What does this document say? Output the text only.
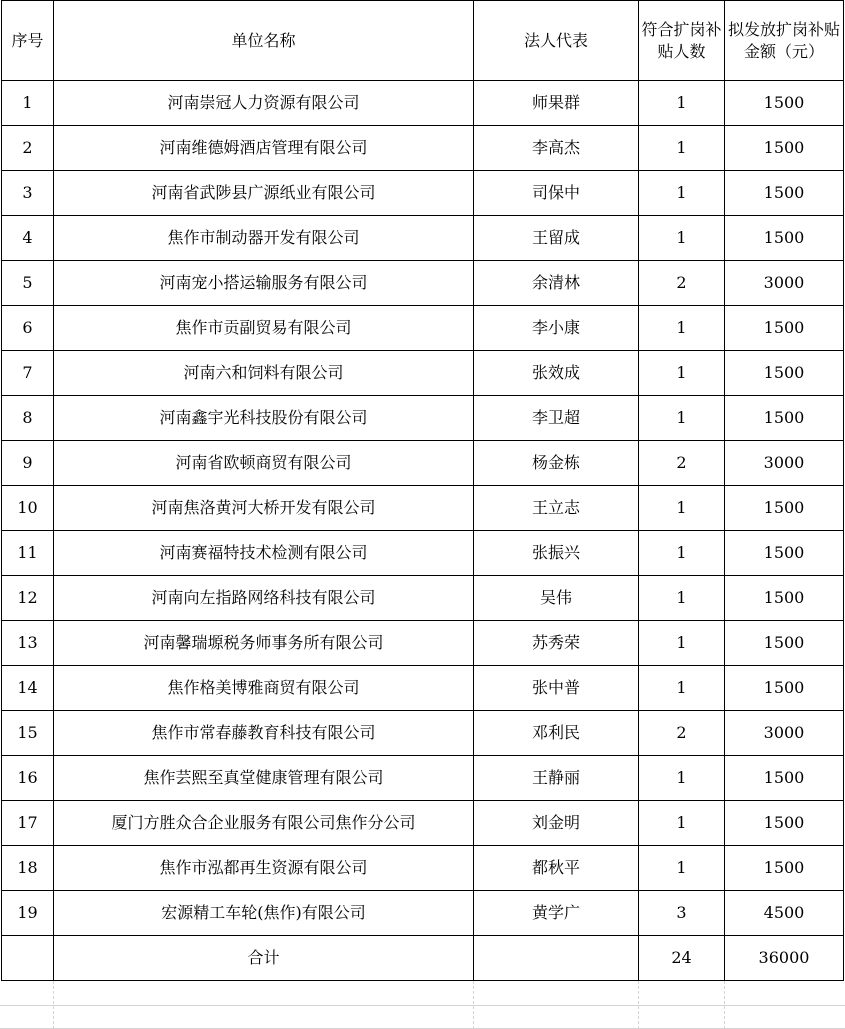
序号	单位名称	法人代表	符合扩岗补贴人数	拟发放扩岗补贴金额（元）
1	河南崇冠人力资源有限公司	师果群	1	1500
2	河南维德姆酒店管理有限公司	李高杰	1	1500
3	河南省武陟县广源纸业有限公司	司保中	1	1500
4	焦作市制动器开发有限公司	王留成	1	1500
5	河南宠小搭运输服务有限公司	余清林	2	3000
6	焦作市贡副贸易有限公司	李小康	1	1500
7	河南六和饲料有限公司	张效成	1	1500
8	河南鑫宇光科技股份有限公司	李卫超	1	1500
9	河南省欧顿商贸有限公司	杨金栋	2	3000
10	河南焦洛黄河大桥开发有限公司	王立志	1	1500
11	河南赛福特技术检测有限公司	张振兴	1	1500
12	河南向左指路网络科技有限公司	吴伟	1	1500
13	河南馨瑞塬税务师事务所有限公司	苏秀荣	1	1500
14	焦作格美博雅商贸有限公司	张中普	1	1500
15	焦作市常春藤教育科技有限公司	邓利民	2	3000
16	焦作芸熙至真堂健康管理有限公司	王静丽	1	1500
17	厦门方胜众合企业服务有限公司焦作分公司	刘金明	1	1500
18	焦作市泓都再生资源有限公司	都秋平	1	1500
19	宏源精工车轮(焦作)有限公司	黄学广	3	4500
	合计		24	36000
